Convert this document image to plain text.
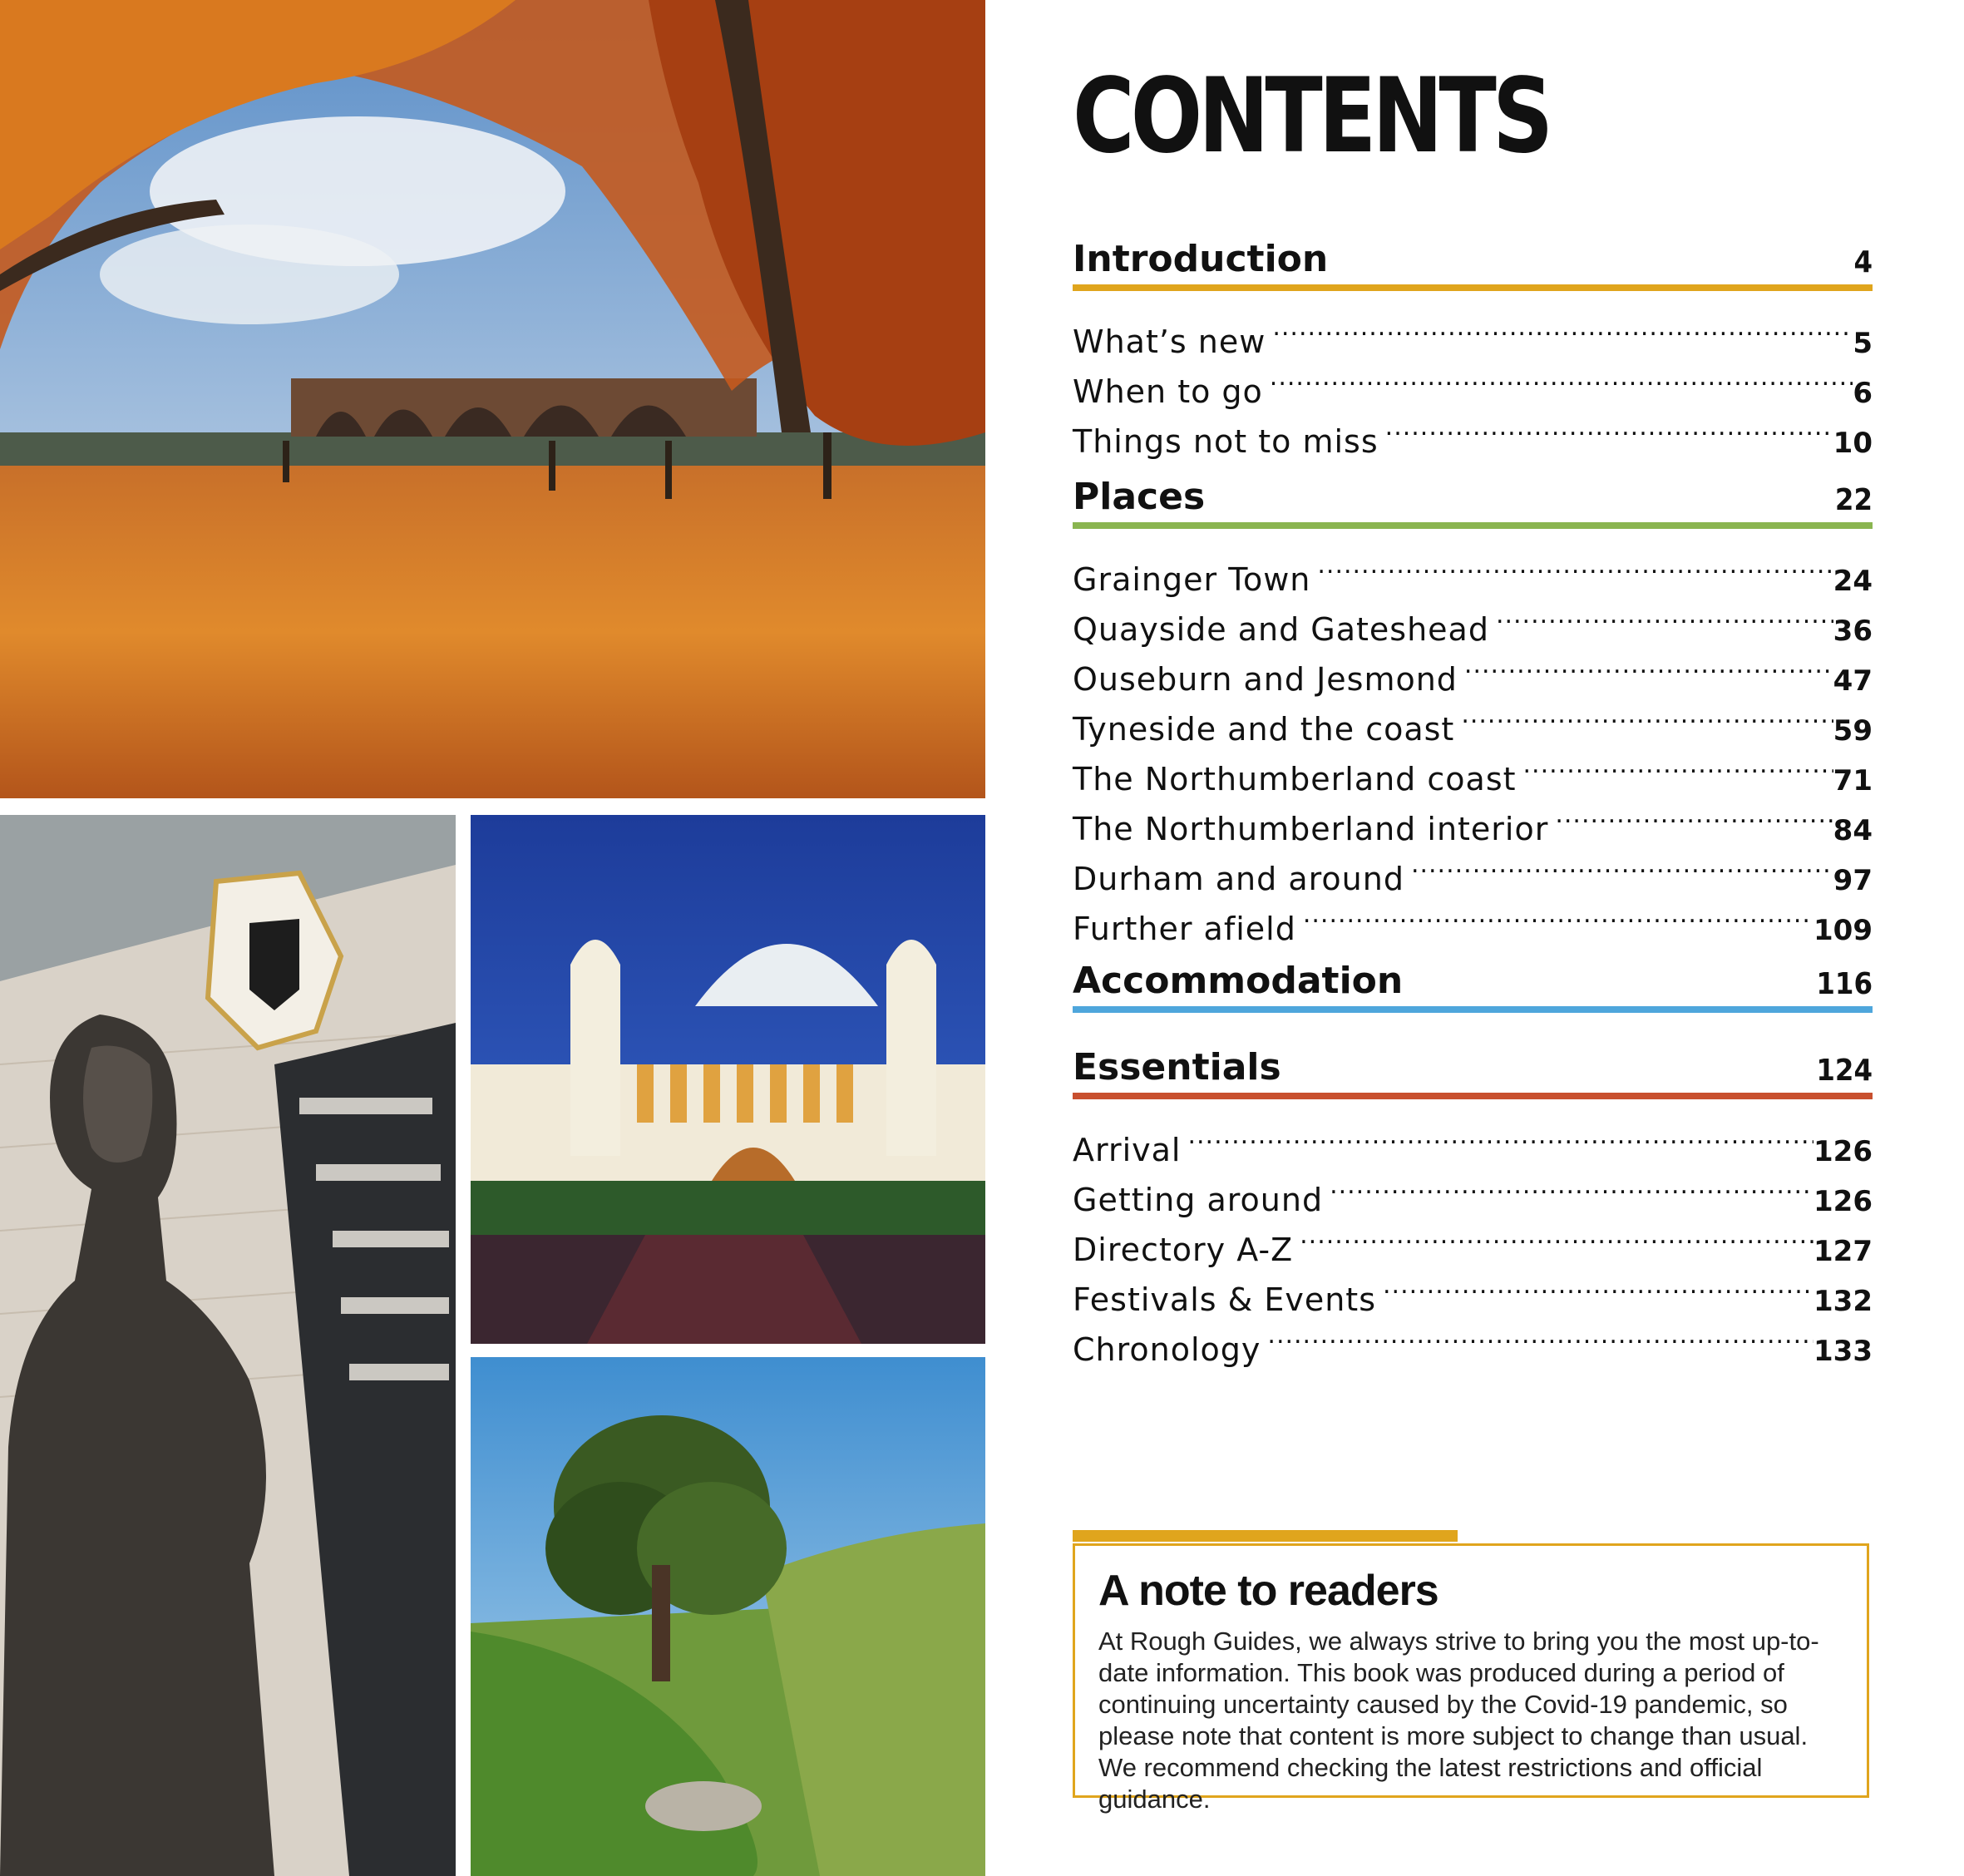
CONTENTS
Introduction	4
What’s new .....	5
When to go .....	6
Things not to miss .....	10
Places	22
Grainger Town .....	24
Quayside and Gateshead .....	36
Ouseburn and Jesmond .....	47
Tyneside and the coast .....	59
The Northumberland coast .....	71
The Northumberland interior .....	84
Durham and around .....	97
Further afield .....	109
Accommodation	116
Essentials	124
Arrival .....	126
Getting around .....	126
Directory A-Z .....	127
Festivals & Events .....	132
Chronology .....	133
A note to readers
At Rough Guides, we always strive to bring you the most up-to-date information. This book was produced during a period of continuing uncertainty caused by the Covid-19 pandemic, so please note that content is more subject to change than usual. We recommend checking the latest restrictions and official guidance.
